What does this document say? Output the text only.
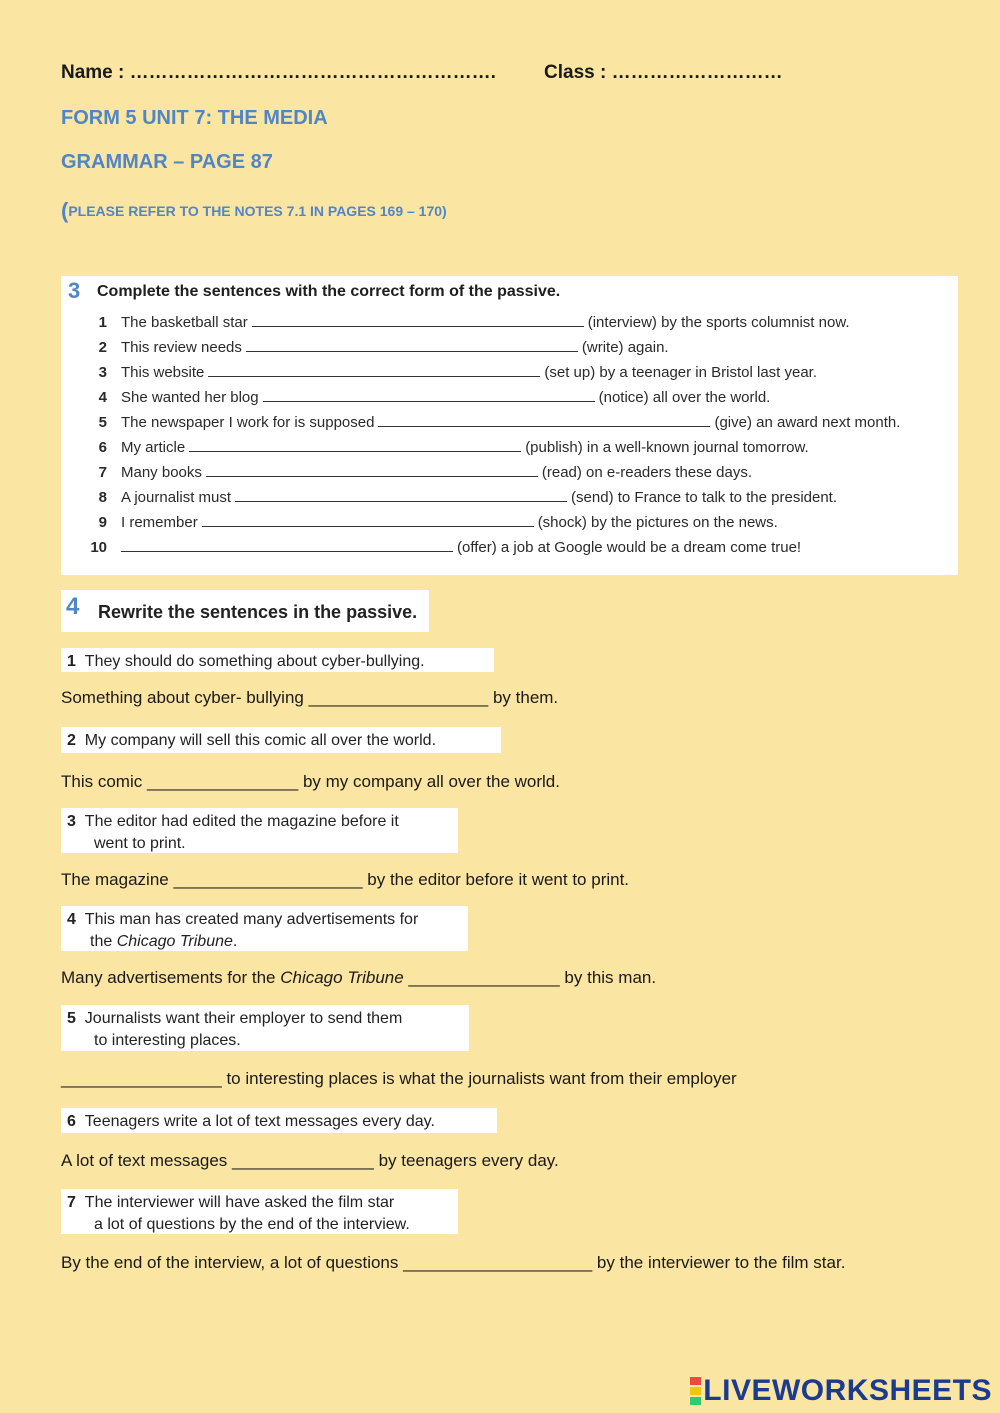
Name : ………………………………………………….	Class : ………………………
FORM 5 UNIT 7: THE MEDIA
GRAMMAR – PAGE 87
(PLEASE REFER TO THE NOTES 7.1 IN PAGES 169 – 170)
3 Complete the sentences with the correct form of the passive.
1 The basketball star	(interview) by the sports columnist now.
2 This review needs	(write) again.
3 This website	(set up) by a teenager in Bristol last year.
4 She wanted her blog	(notice) all over the world.
5 The newspaper I work for is supposed	(give) an award next month.
6 My article	(publish) in a well-known journal tomorrow.
7 Many books	(read) on e-readers these days.
8 A journalist must	(send) to France to talk to the president.
9 I remember	(shock) by the pictures on the news.
10	(offer) a job at Google would be a dream come true!
4 Rewrite the sentences in the passive.
1 They should do something about cyber-bullying.
Something about cyber- bullying ___________________ by them.
2 My company will sell this comic all over the world.
This comic ________________ by my company all over the world.
3 The editor had edited the magazine before it
went to print.
The magazine ____________________ by the editor before it went to print.
4 This man has created many advertisements for
the Chicago Tribune.
Many advertisements for the Chicago Tribune ________________ by this man.
5 Journalists want their employer to send them
to interesting places.
_________________ to interesting places is what the journalists want from their employer
6 Teenagers write a lot of text messages every day.
A lot of text messages _______________ by teenagers every day.
7 The interviewer will have asked the film star
a lot of questions by the end of the interview.
By the end of the interview, a lot of questions ____________________ by the interviewer to the film star.
LIVEWORKSHEETS
